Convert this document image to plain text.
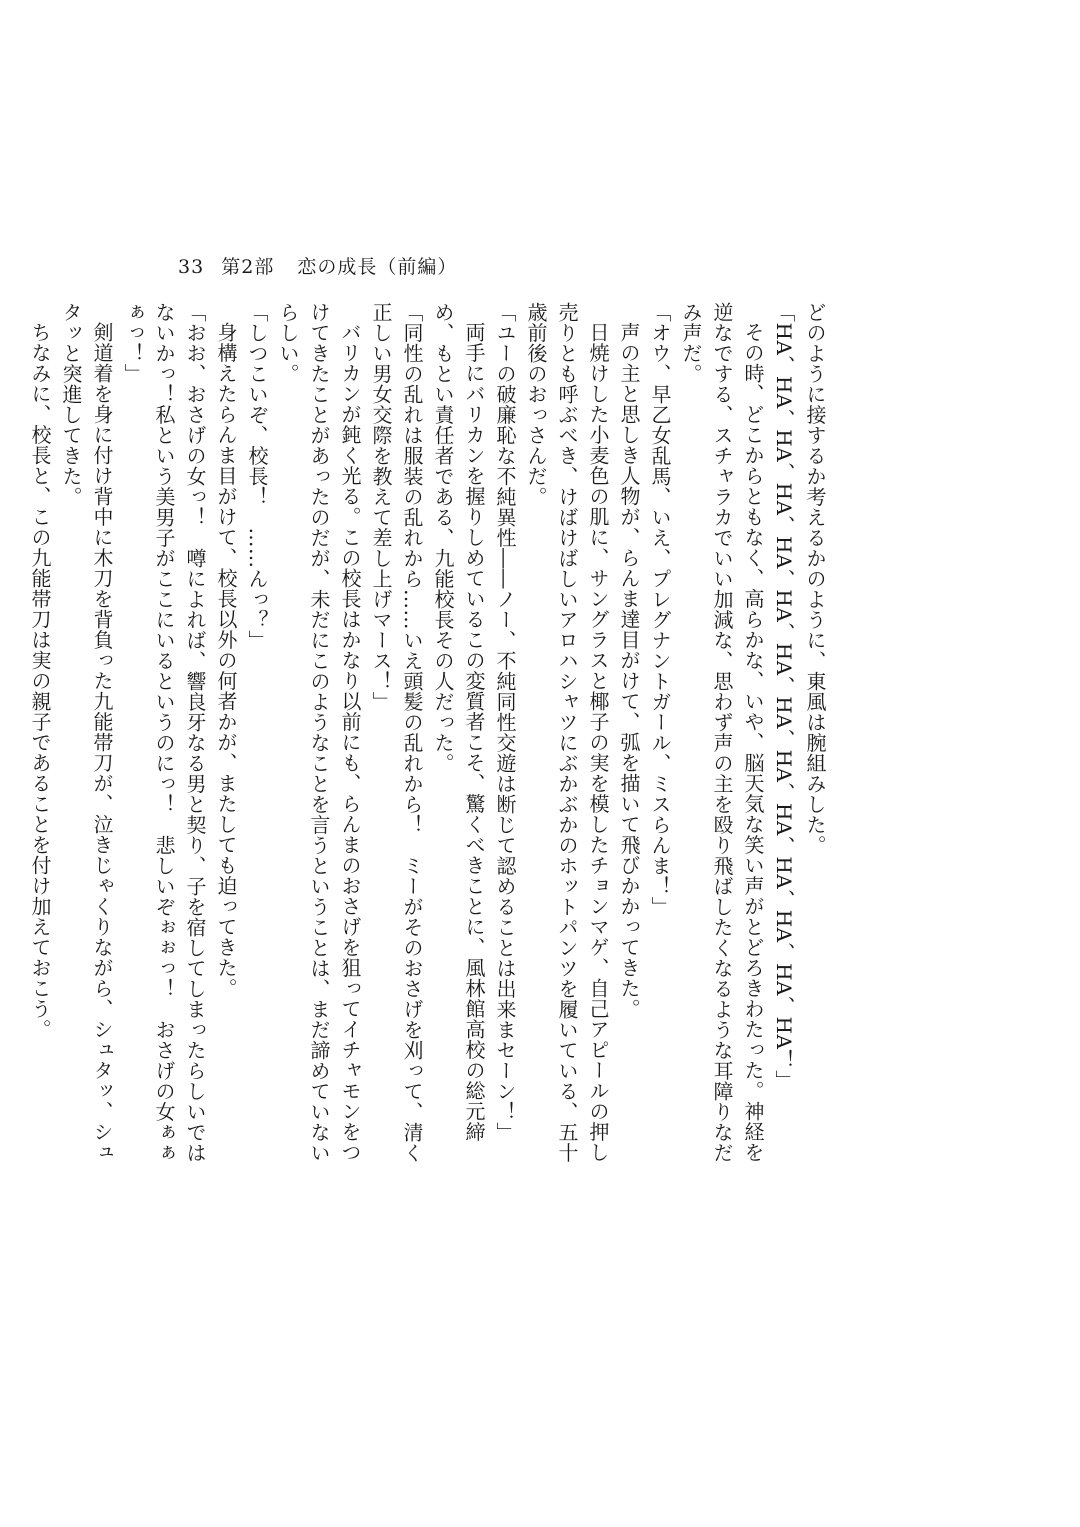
33 第2部 恋の成長（前編）

どのように接するか考えるかのように、東風は腕組みした。

「HA、HA、HA、HA、HA、HA、HA、HA、HA、HA、HA、HA、HA、HA！」

その時、どこからともなく、高らかな、いや、脳天気な笑い声がとどろきわたった。神経を逆なでする、スチャラカでいい加減な、思わず声の主を殴り飛ばしたくなるような耳障りなだみ声だ。

「オウ、早乙女乱馬、いえ、プレグナントガール、ミスらんま！」

声の主と思しき人物が、らんま達目がけて、弧を描いて飛びかかってきた。

日焼けした小麦色の肌に、サングラスと椰子の実を模したチョンマゲ、自己アピールの押し売りとも呼ぶべき、けばけばしいアロハシャツにぶかぶかのホットパンツを履いている、五十歳前後のおっさんだ。

「ユーの破廉恥な不純異性――ノー、不純同性交遊は断じて認めることは出来まセーン！」

両手にバリカンを握りしめているこの変質者こそ、驚くべきことに、風林館高校の総元締め、もとい責任者である、九能校長その人だった。

「同性の乱れは服装の乱れから……いえ頭髪の乱れから！　ミーがそのおさげを刈って、清く正しい男女交際を教えて差し上げマース！」

バリカンが鈍く光る。この校長はかなり以前にも、らんまのおさげを狙ってイチャモンをつけてきたことがあったのだが、未だにこのようなことを言うということは、まだ諦めていないらしい。

「しつこいぞ、校長！　……んっ？」

身構えたらんま目がけて、校長以外の何者かが、またしても迫ってきた。

「おお、おさげの女っ！　噂によれば、響良牙なる男と契り、子を宿してしまったらしいではないかっ！私という美男子がここにいるというのにっ！　悲しいぞぉぉっ！　おさげの女ぁぁぁっ！」

剣道着を身に付け背中に木刀を背負った九能帯刀が、泣きじゃくりながら、シュタッ、シュタッと突進してきた。

ちなみに、校長と、この九能帯刀は実の親子であることを付け加えておこう。
